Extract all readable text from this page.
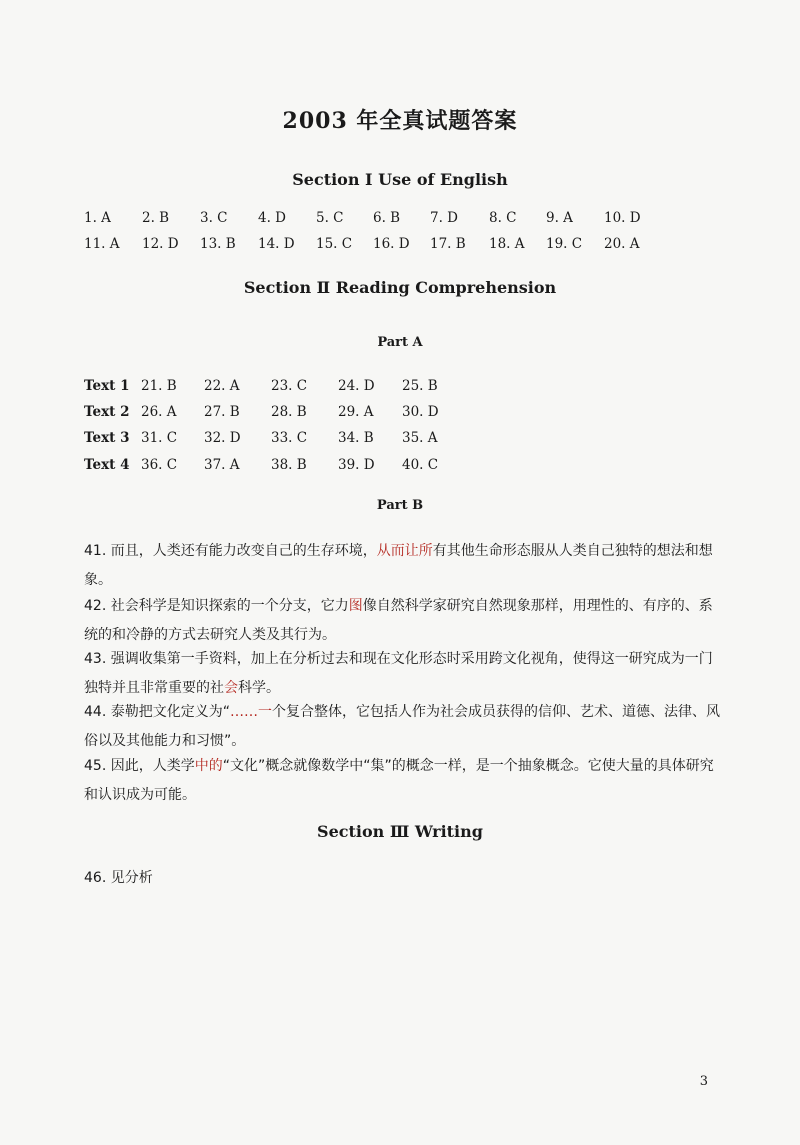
2003 年全真试题答案
Section Ⅰ Use of English
1. A 2. B 3. C 4. D 5. C 6. B 7. D 8. C 9. A 10. D
11. A 12. D 13. B 14. D 15. C 16. D 17. B 18. A 19. C 20. A
Section Ⅱ Reading Comprehension
Part A
Text 1 21. B 22. A 23. C 24. D 25. B
Text 2 26. A 27. B 28. B 29. A 30. D
Text 3 31. C 32. D 33. C 34. B 35. A
Text 4 36. C 37. A 38. B 39. D 40. C
Part B
41. 而且，人类还有能力改变自己的生存环境，从而让所有其他生命形态服从人类自己独特的想法和想象。
42. 社会科学是知识探索的一个分支，它力图像自然科学家研究自然现象那样，用理性的、有序的、系统的和冷静的方式去研究人类及其行为。
43. 强调收集第一手资料，加上在分析过去和现在文化形态时采用跨文化视角，使得这一研究成为一门独特并且非常重要的社会科学。
44. 泰勒把文化定义为“……一个复合整体，它包括人作为社会成员获得的信仰、艺术、道德、法律、风俗以及其他能力和习惯”。
45. 因此，人类学中的“文化”概念就像数学中“集”的概念一样，是一个抽象概念。它使大量的具体研究和认识成为可能。
Section Ⅲ Writing
46. 见分析
3
